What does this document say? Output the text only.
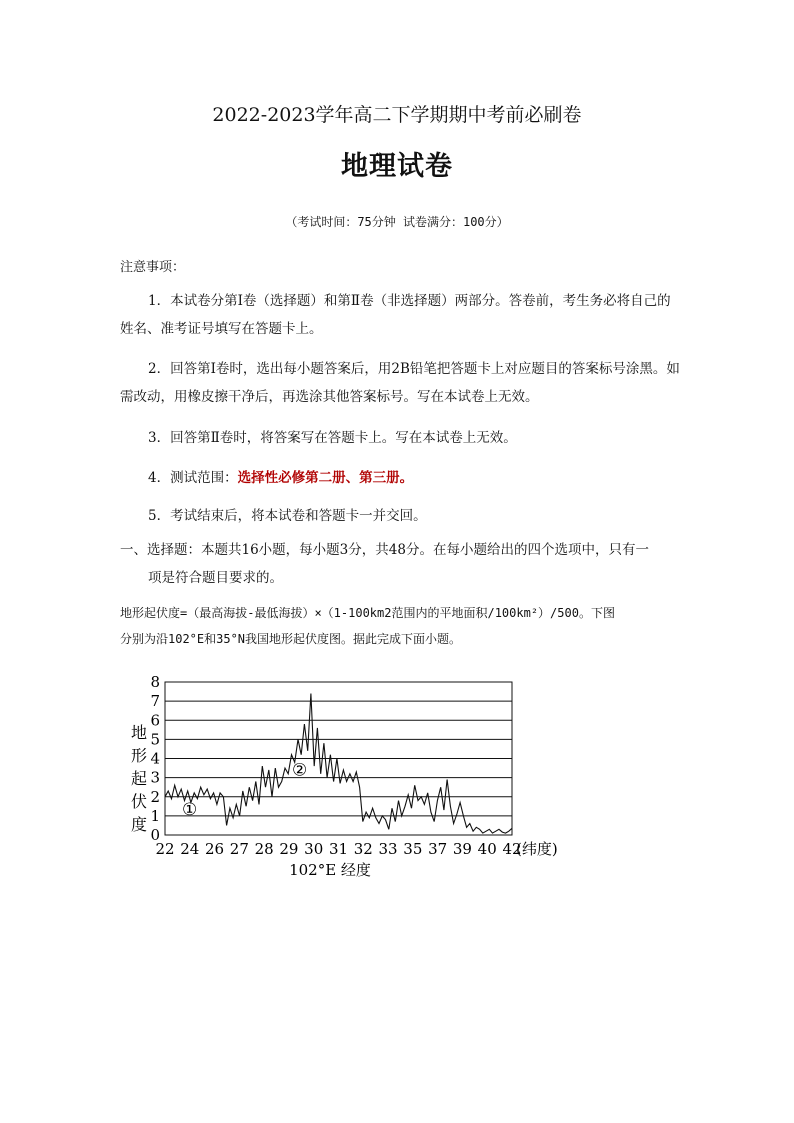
2022-2023学年高二下学期期中考前必刷卷
地理试卷
（考试时间：75分钟 试卷满分：100分）
注意事项：
1．本试卷分第Ⅰ卷（选择题）和第Ⅱ卷（非选择题）两部分。答卷前，考生务必将自己的姓名、准考证号填写在答题卡上。
2．回答第Ⅰ卷时，选出每小题答案后，用2B铅笔把答题卡上对应题目的答案标号涂黑。如需改动，用橡皮擦干净后，再选涂其他答案标号。写在本试卷上无效。
3．回答第Ⅱ卷时，将答案写在答题卡上。写在本试卷上无效。
4．测试范围：选择性必修第二册、第三册。
5．考试结束后，将本试卷和答题卡一并交回。
一、选择题：本题共16小题，每小题3分，共48分。在每小题给出的四个选项中，只有一
项是符合题目要求的。
地形起伏度=（最高海拔-最低海拔）×（1-100km2范围内的平地面积/100km²）/500。下图
分别为沿102°E和35°N我国地形起伏度图。据此完成下面小题。
地
形
起
伏
度
0
1
2
3
4
5
6
7
8
22 24 26 27 28 29 30 31 32 33 35 37 39 40 42
①
②
(纬度)
102°E 经度
